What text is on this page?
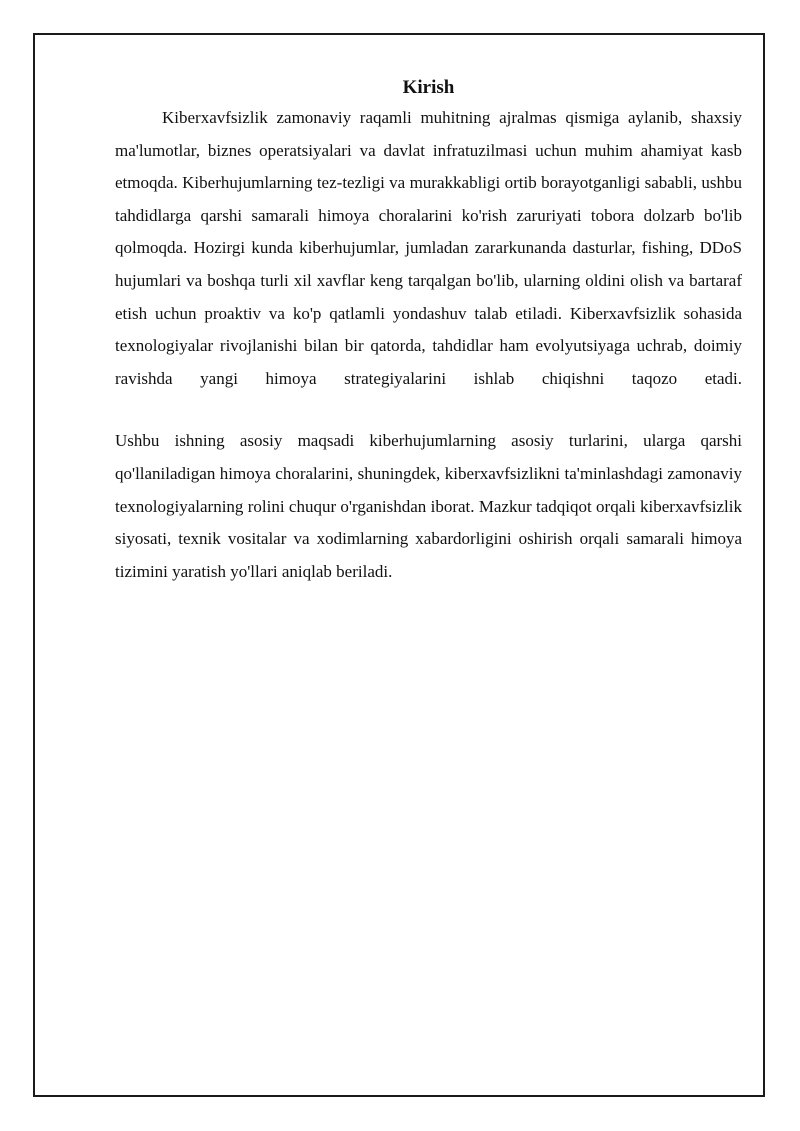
Kirish

Kiberxavfsizlik zamonaviy raqamli muhitning ajralmas qismiga aylanib, shaxsiy ma'lumotlar, biznes operatsiyalari va davlat infratuzilmasi uchun muhim ahamiyat kasb etmoqda. Kiberhujumlarning tez-tezligi va murakkabligi ortib borayotganligi sababli, ushbu tahdidlarga qarshi samarali himoya choralarini ko'rish zaruriyati tobora dolzarb bo'lib qolmoqda. Hozirgi kunda kiberhujumlar, jumladan zararkunanda dasturlar, fishing, DDoS hujumlari va boshqa turli xil xavflar keng tarqalgan bo'lib, ularning oldini olish va bartaraf etish uchun proaktiv va ko'p qatlamli yondashuv talab etiladi. Kiberxavfsizlik sohasida texnologiyalar rivojlanishi bilan bir qatorda, tahdidlar ham evolyutsiyaga uchrab, doimiy ravishda yangi himoya strategiyalarini ishlab chiqishni taqozo etadi.

Ushbu ishning asosiy maqsadi kiberhujumlarning asosiy turlarini, ularga qarshi qo'llaniladigan himoya choralarini, shuningdek, kiberxavfsizlikni ta'minlashdagi zamonaviy texnologiyalarning rolini chuqur o'rganishdan iborat. Mazkur tadqiqot orqali kiberxavfsizlik siyosati, texnik vositalar va xodimlarning xabardorligini oshirish orqali samarali himoya tizimini yaratish yo'llari aniqlab beriladi.
